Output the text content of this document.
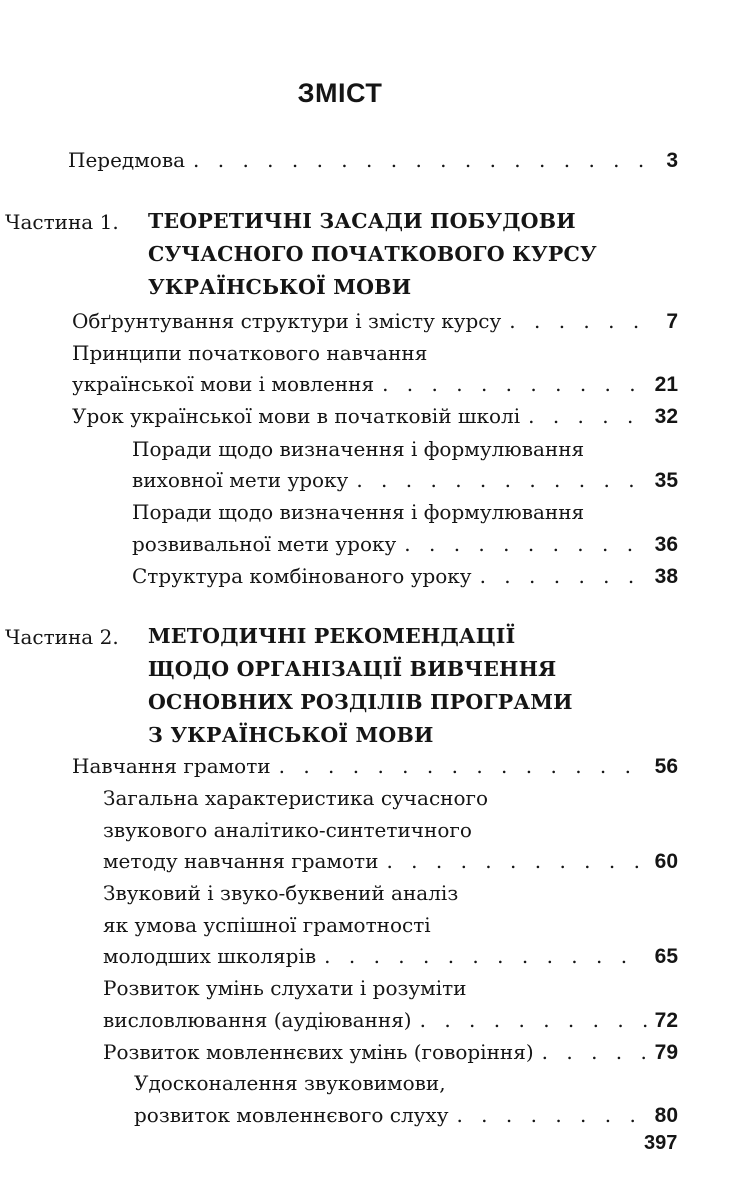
ЗМІСТ
Передмова . . .	3
Частина 1. ТЕОРЕТИЧНІ ЗАСАДИ ПОБУДОВИ
СУЧАСНОГО ПОЧАТКОВОГО КУРСУ
УКРАЇНСЬКОЇ МОВИ
Обґрунтування структури і змісту курсу . . .	7
Принципи початкового навчання
української мови і мовлення . . .	21
Урок української мови в початковій школі . . .	32
Поради щодо визначення і формулювання
виховної мети уроку . . .	35
Поради щодо визначення і формулювання
розвивальної мети уроку . . .	36
Структура комбінованого уроку . . .	38
Частина 2. МЕТОДИЧНІ РЕКОМЕНДАЦІЇ
ЩОДО ОРГАНІЗАЦІЇ ВИВЧЕННЯ
ОСНОВНИХ РОЗДІЛІВ ПРОГРАМИ
З УКРАЇНСЬКОЇ МОВИ
Навчання грамоти . . .	56
Загальна характеристика сучасного
звукового аналітико-синтетичного
методу навчання грамоти . . .	60
Звуковий і звуко-буквений аналіз
як умова успішної грамотності
молодших школярів . . .	65
Розвиток умінь слухати і розуміти
висловлювання (аудіювання) . . .	72
Розвиток мовленнєвих умінь (говоріння) . . .	79
Удосконалення звуковимови,
розвиток мовленнєвого слуху . . .	80
397
